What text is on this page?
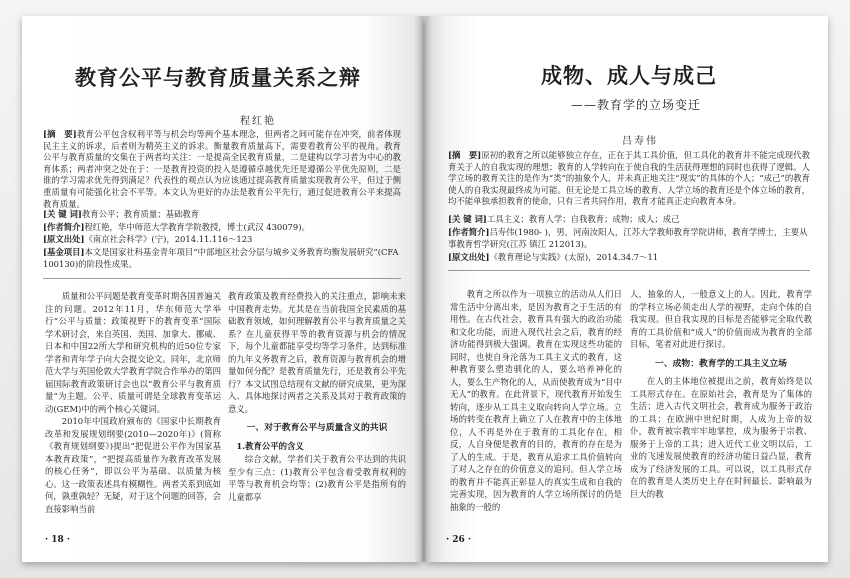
教育公平与教育质量关系之辩
程红艳
[摘　要]教育公平包含权利平等与机会均等两个基本理念，但两者之间可能存在冲突，前者体现民主主义的诉求，后者则为精英主义的诉求。衡量教育质量高下，需要看教育公平的视角。教育公平与教育质量的交集在于两者均关注：一是提高全民教育质量，二是建构以学习者为中心的教育体系；两者冲突之处在于：一是教育投资的投入是遵循卓越优先还是遵循公平优先原则，二是谁的学习需求优先得到满足？代表性的观点认为应该通过提高教育质量实现教育公平，但过于侧重质量有可能强化社会不平等。本文认为更好的办法是教育公平先行，通过促进教育公平来提高教育质量。
[关 键 词]教育公平；教育质量；基础教育
[作者简介]程红艳，华中师范大学教育学院教授，博士(武汉 430079)。
[原文出处]《南京社会科学》(宁)，2014.11.116～123
[基金项目]本文是国家社科基金青年项目“中部地区社会分层与城乡义务教育均衡发展研究”(CFA100130)的阶段性成果。

质量和公平问题是教育变革时期各国普遍关注的问题。2012年11月，华东师范大学举行“公平与质量：政策视野下的教育变革”国际学术研讨会，来自英国、美国、加拿大、挪威、日本和中国22所大学和研究机构的近50位专家学者和青年学子向大会提交论文。同年，北京师范大学与英国伦敦大学教育学院合作举办的第四届国际教育政策研讨会也以“教育公平与教育质量”为主题。公平、质量可谓是全球教育变革运动(GEM)中的两个核心关键词。

2010年中国政府颁布的《国家中长期教育改革和发展规划纲要(2010—2020年)》(简称《教育规划纲要》)提出“把促进公平作为国家基本教育政策”，“把提高质量作为教育改革发展的核心任务”，即以公平为基础、以质量为核心。这一政策表述具有模糊性。两者关系到底如何，孰重孰轻？无疑，对于这个问题的回答，会直接影响当前

教育政策及教育经费投入的关注重点，影响未来中国教育走势。尤其是在当前我国全民素质的基础教育领域，如何理解教育公平与教育质量之关系？在儿童获得平等的教育资源与机会的情况下，每个儿童都能享受均等学习条件，达到标准的九年义务教育之后，教育资源与教育机会的增量如何分配？是教育质量先行，还是教育公平先行？本文试图总结现有文献的研究成果，更为深入、具体地探讨两者之关系及其对于教育政策的意义。

一、对于教育公平与质量含义的共识
1.教育公平的含义

综合文献，学者们关于教育公平达到的共识至少有三点：(1)教育公平包含着受教育权利的平等与教育机会均等；(2)教育公平是指所有的儿童都享

· 18 ·
成物、成人与成己
——教育学的立场变迁
吕寿伟
[摘　要]原初的教育之所以能够独立存在，正在于其工具价值，但工具化的教育并不能完成现代教育关于人的自我实现的理想；教育的人学转向在于使自我的生活获得理想的同时也获得了逻辑。人学立场的教育关注的是作为“类”的抽象个人，并未真正地关注“现实”的具体的个人；“成己”的教育使人的自我实现最终成为可能。但无论是工具立场的教育、人学立场的教育还是个体立场的教育，均不能单独承担教育的使命，只有三者共同作用，教育才能真正走向教育本身。
[关 键 词]工具主义；教育人学；自我教育；成物；成人；成己
[作者简介]吕寿伟(1980- )，男，河南汝阳人，江苏大学教师教育学院讲师，教育学博士，主要从事教育哲学研究(江苏 镇江 212013)。
[原文出处]《教育理论与实践》(太原)，2014.34.7～11

教育之所以作为一项独立的活动从人们日常生活中分离出来，是因为教育之于生活的有用性。在古代社会，教育具有强大的政治功能和文化功能，而进入现代社会之后，教育的经济功能得到极大强调。教育在实现这些功能的同时，也使自身沦落为工具主义式的教育，这种教育要么塑造驯化的人，要么培养神化的人，要么生产物化的人，从而使教育成为“目中无人”的教育。在此背景下，现代教育开始发生转向，逐步从工具主义取向转向人学立场。立场的转变在教育上确立了人在教育中的主体地位，人不再是外在于教育的工具化存在，相反，人自身便是教育的目的，教育的存在是为了人的生成。于是，教育从追求工具价值转向了对人之存在的价值意义的追问。但人学立场的教育并不能真正彰显人的真实生成和自我的完善实现，因为教育的人学立场所探讨的仍是抽象的一般的

人，抽象的人，一般意义上的人。因此，教育学的学科立场必须走出人学的视野，走向个体的自我实现。但自我实现的目标是否能够完全取代教育的工具价值和“成人”的价值而成为教育的全部目标，笔者对此进行探讨。

一、成物：教育学的工具主义立场

在人的主体地位被提出之前，教育始终是以工具形式存在。在原始社会，教育是为了集体的生活；进入古代文明社会，教育成为服务于政治的工具；在欧洲中世纪时期，人成为上帝的奴仆，教育被宗教牢牢地掌控，成为服务于宗教、服务于上帝的工具；进入近代工业文明以后，工业的飞速发展使教育的经济功能日益凸显，教育成为了经济发展的工具。可以说，以工具形式存在的教育是人类历史上存在时间最长、影响最为巨大的教

· 26 ·
